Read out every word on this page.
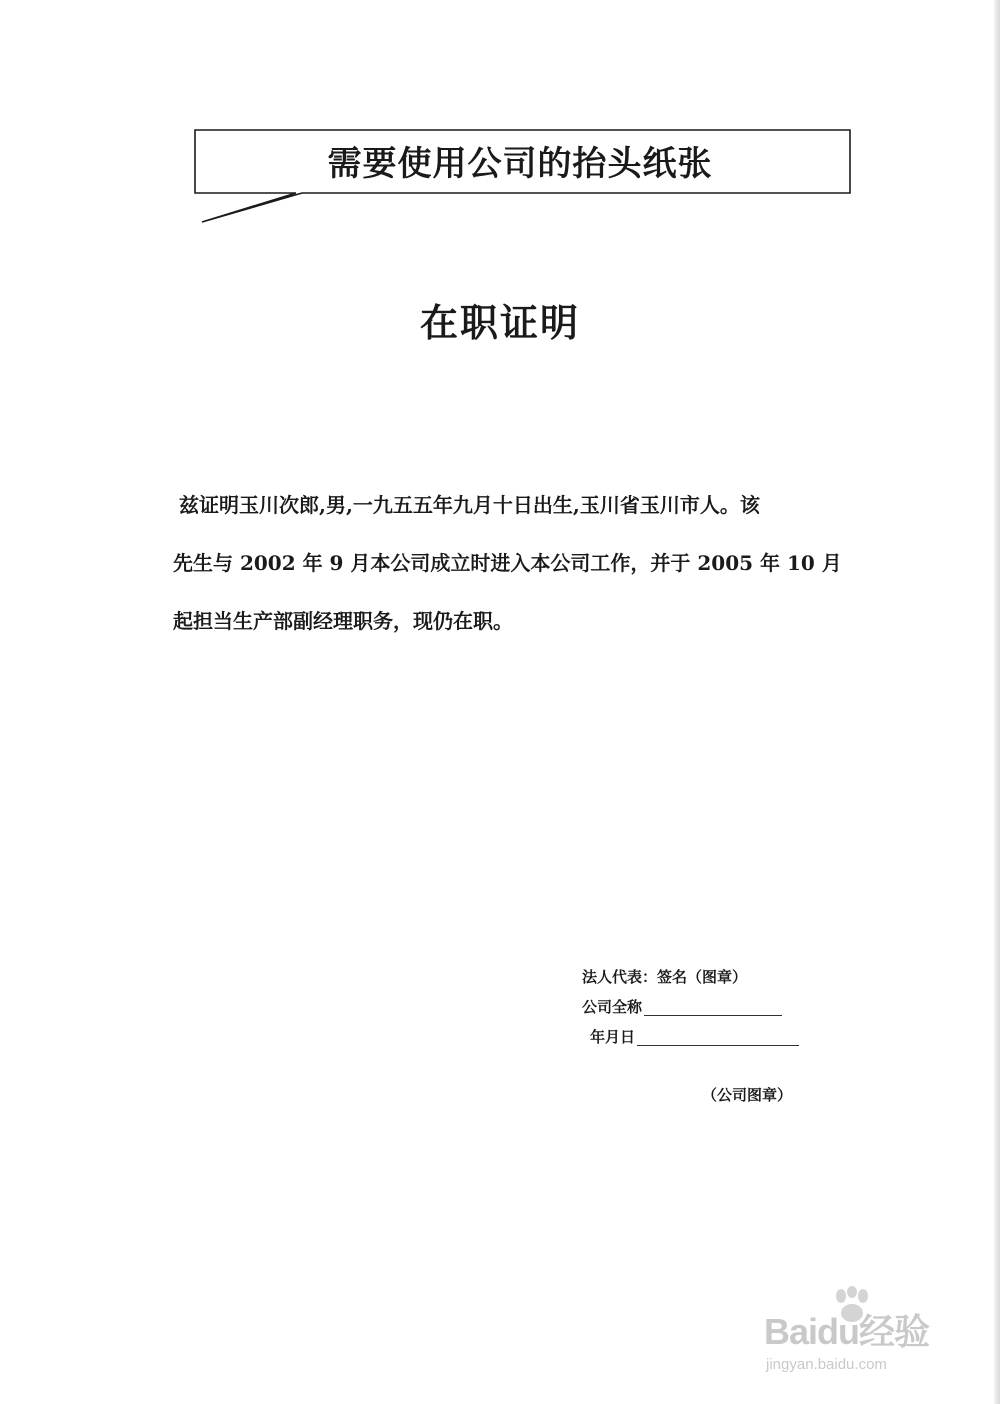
需要使用公司的抬头纸张
在职证明
兹证明玉川次郎,男,一九五五年九月十日出生,玉川省玉川市人。该
先生与 2002 年 9 月本公司成立时进入本公司工作，并于 2005 年 10 月
起担当生产部副经理职务，现仍在职。
法人代表：签名（图章）
公司全称
年月日
（公司图章）
Baidu经验
jingyan.baidu.com
